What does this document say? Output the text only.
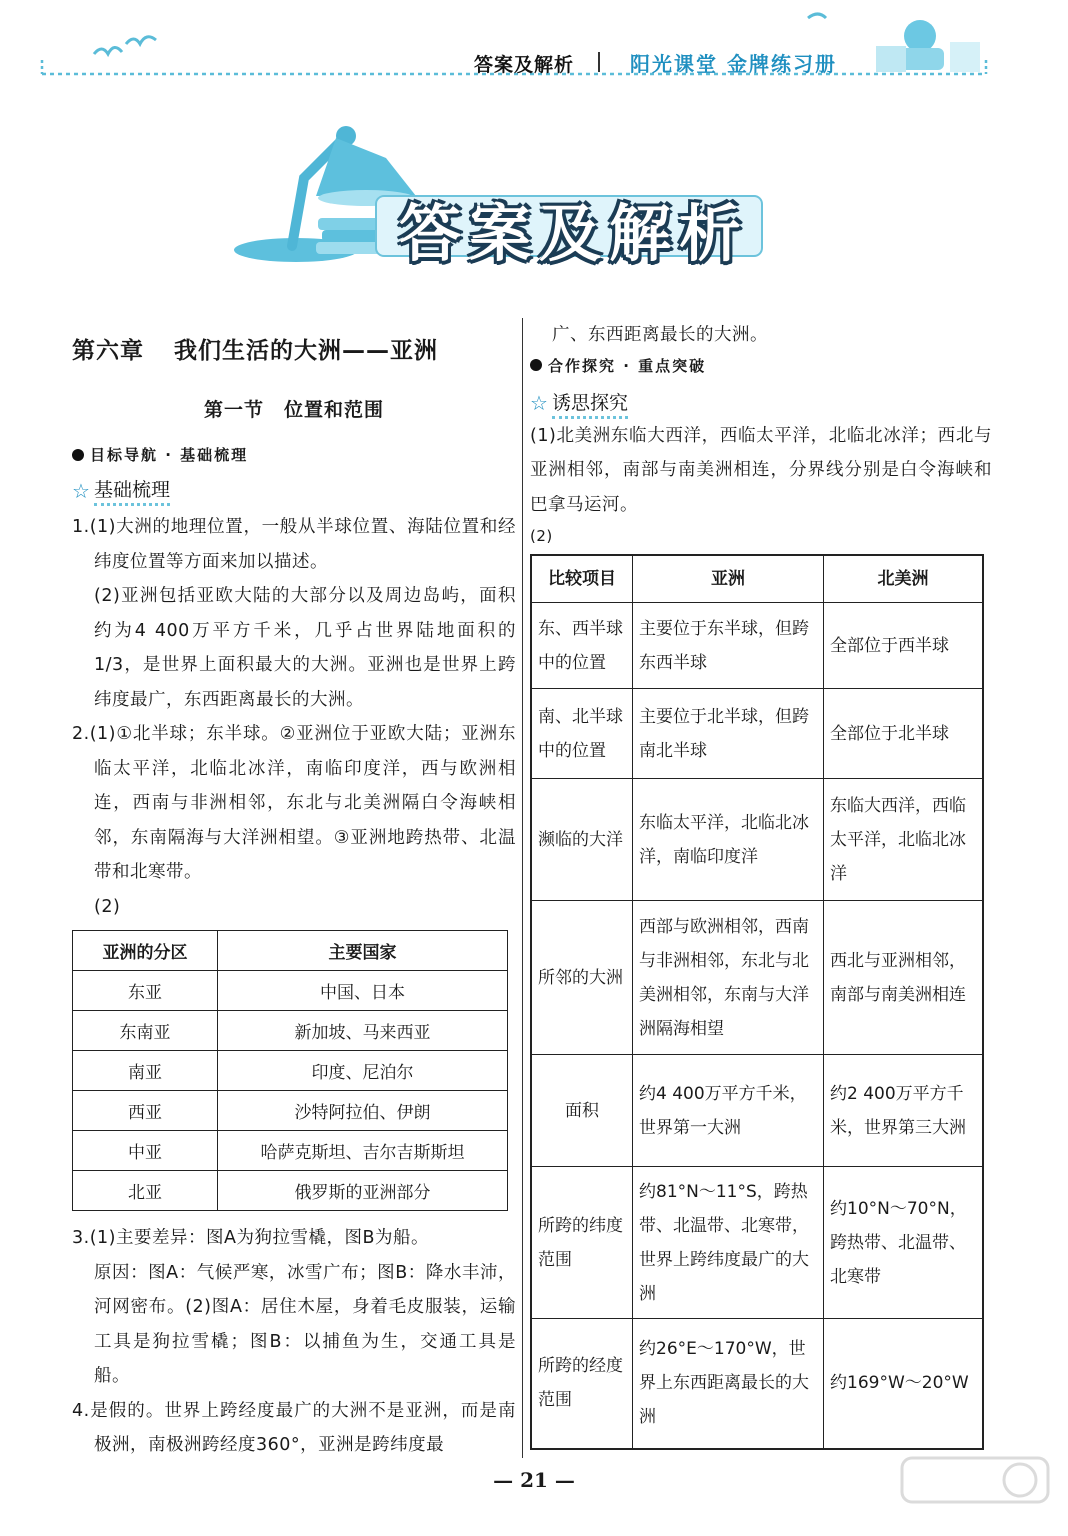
答案及解析	阳光课堂 金牌练习册
答案及解析
第六章 我们生活的大洲——亚洲
第一节　位置和范围
目标导航 · 基础梳理
☆ 基础梳理

1.(1)大洲的地理位置，一般从半球位置、海陆位置和经纬度位置等方面来加以描述。

(2)亚洲包括亚欧大陆的大部分以及周边岛屿，面积约为4 400万平方千米，几乎占世界陆地面积的1/3，是世界上面积最大的大洲。亚洲也是世界上跨纬度最广，东西距离最长的大洲。

2.(1)①北半球；东半球。②亚洲位于亚欧大陆；亚洲东临太平洋，北临北冰洋，南临印度洋，西与欧洲相连，西南与非洲相邻，东北与北美洲隔白令海峡相邻，东南隔海与大洋洲相望。③亚洲地跨热带、北温带和北寒带。

(2)

亚洲的分区	主要国家
东亚	中国、日本
东南亚	新加坡、马来西亚
南亚	印度、尼泊尔
西亚	沙特阿拉伯、伊朗
中亚	哈萨克斯坦、吉尔吉斯斯坦
北亚	俄罗斯的亚洲部分

3.(1)主要差异：图A为狗拉雪橇，图B为船。

原因：图A：气候严寒，冰雪广布；图B：降水丰沛，河网密布。(2)图A：居住木屋，身着毛皮服装，运输工具是狗拉雪橇；图B：以捕鱼为生，交通工具是船。

4.是假的。世界上跨经度最广的大洲不是亚洲，而是南极洲，南极洲跨经度360°，亚洲是跨纬度最

广、东西距离最长的大洲。

合作探究 · 重点突破
☆ 诱思探究

(1)北美洲东临大西洋，西临太平洋，北临北冰洋；西北与亚洲相邻，南部与南美洲相连，分界线分别是白令海峡和巴拿马运河。

(2)

比较项目	亚洲	北美洲
东、西半球中的位置	主要位于东半球，但跨东西半球	全部位于西半球
南、北半球中的位置	主要位于北半球，但跨南北半球	全部位于北半球
濒临的大洋	东临太平洋，北临北冰洋，南临印度洋	东临大西洋，西临太平洋，北临北冰洋
所邻的大洲	西部与欧洲相邻，西南与非洲相邻，东北与北美洲相邻，东南与大洋洲隔海相望	西北与亚洲相邻，南部与南美洲相连
面积	约4 400万平方千米，世界第一大洲	约2 400万平方千米，世界第三大洲
所跨的纬度范围	约81°N～11°S，跨热带、北温带、北寒带，世界上跨纬度最广的大洲	约10°N～70°N，跨热带、北温带、北寒带
所跨的经度范围	约26°E～170°W，世界上东西距离最长的大洲	约169°W～20°W
— 21 —
